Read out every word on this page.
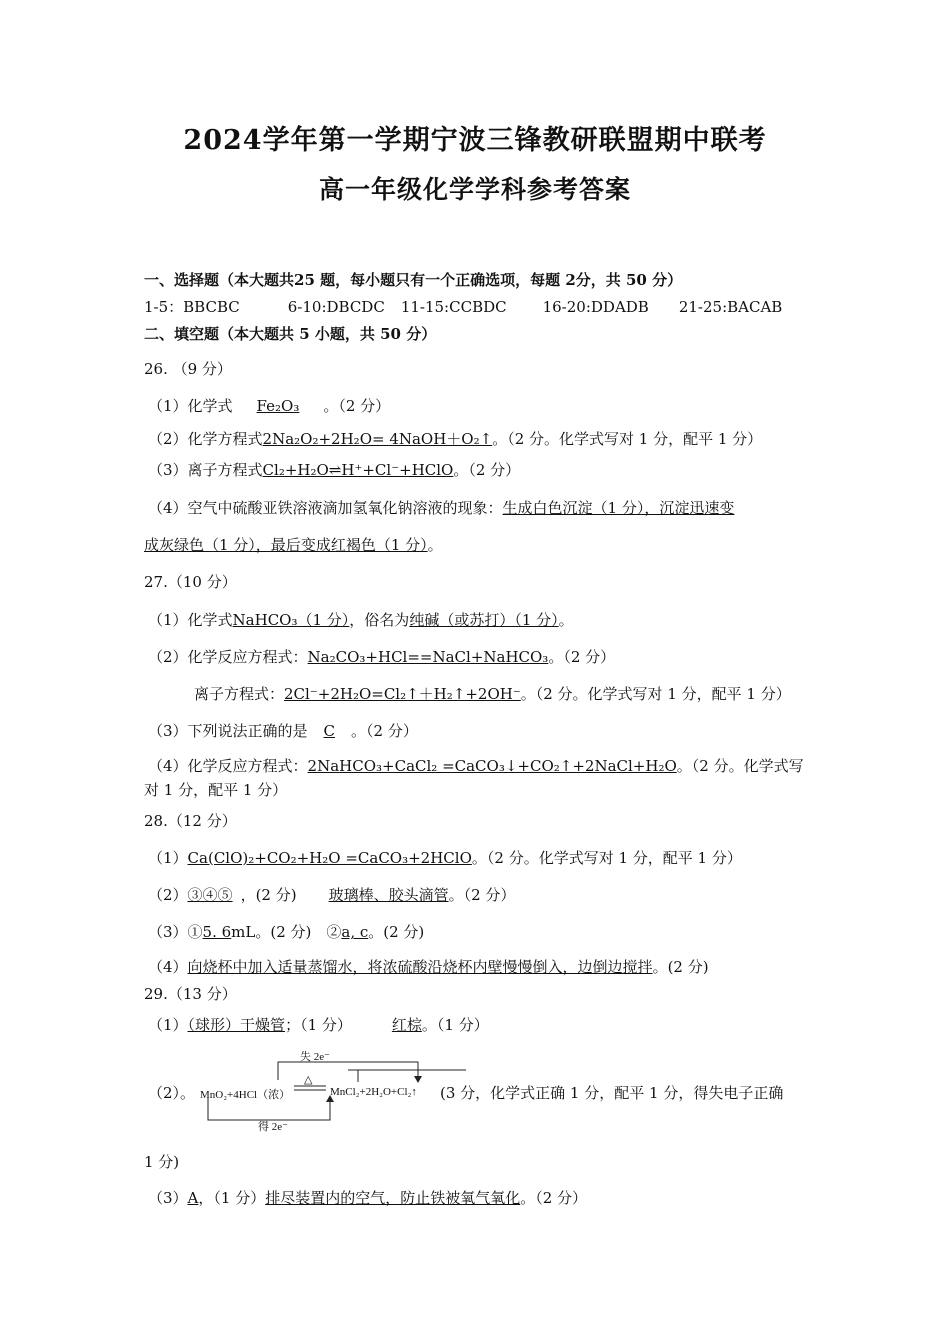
2024学年第一学期宁波三锋教研联盟期中联考
高一年级化学学科参考答案
一、选择题（本大题共25 题，每小题只有一个正确选项，每题 2分，共 50 分）
1-5：BBCBC	6-10:DBCDC 11-15:CCBDC 16-20:DDADB 21-25:BACAB
二、填空题（本大题共 5 小题，共 50 分）
26. （9 分）
（1）化学式 Fe₂O₃ 。（2 分）
（2）化学方程式2Na₂O₂+2H₂O= 4NaOH＋O₂↑。（2 分。化学式写对 1 分，配平 1 分）
（3）离子方程式Cl₂+H₂O⇌H⁺+Cl⁻+HClO。（2 分）
（4）空气中硫酸亚铁溶液滴加氢氧化钠溶液的现象：生成白色沉淀（1 分），沉淀迅速变
成灰绿色（1 分），最后变成红褐色（1 分）。
27.（10 分）
（1）化学式NaHCO₃（1 分），俗名为纯碱（或苏打）（1 分）。
（2）化学反应方程式：Na₂CO₃+HCl==NaCl+NaHCO₃。（2 分）
离子方程式：2Cl⁻+2H₂O=Cl₂↑＋H₂↑+2OH⁻。（2 分。化学式写对 1 分，配平 1 分）
（3）下列说法正确的是 C 。（2 分）
（4）化学反应方程式：2NaHCO₃+CaCl₂ =CaCO₃↓+CO₂↑+2NaCl+H₂O。（2 分。化学式写
对 1 分，配平 1 分）
28.（12 分）
（1）Ca(ClO)₂+CO₂+H₂O =CaCO₃+2HClO。（2 分。化学式写对 1 分，配平 1 分）
（2）③④⑤ ，(2 分) 玻璃棒、胶头滴管。（2 分）
（3）①5. 6mL。(2 分)　②a, c。(2 分)
（4）向烧杯中加入适量蒸馏水，将浓硫酸沿烧杯内壁慢慢倒入，边倒边搅拌。(2 分)
29.（13 分）
（1）（球形）干燥管；（1 分）	红棕。（1 分）
（2）。
失 2e⁻
MnO₂+4HCl（浓）
△
MnCl₂+2H₂O+Cl₂↑ (3 分，化学式正确 1 分，配平 1 分，得失电子正确
得 2e⁻
1 分)
（3）A，（1 分）排尽装置内的空气，防止铁被氧气氧化。（2 分）
